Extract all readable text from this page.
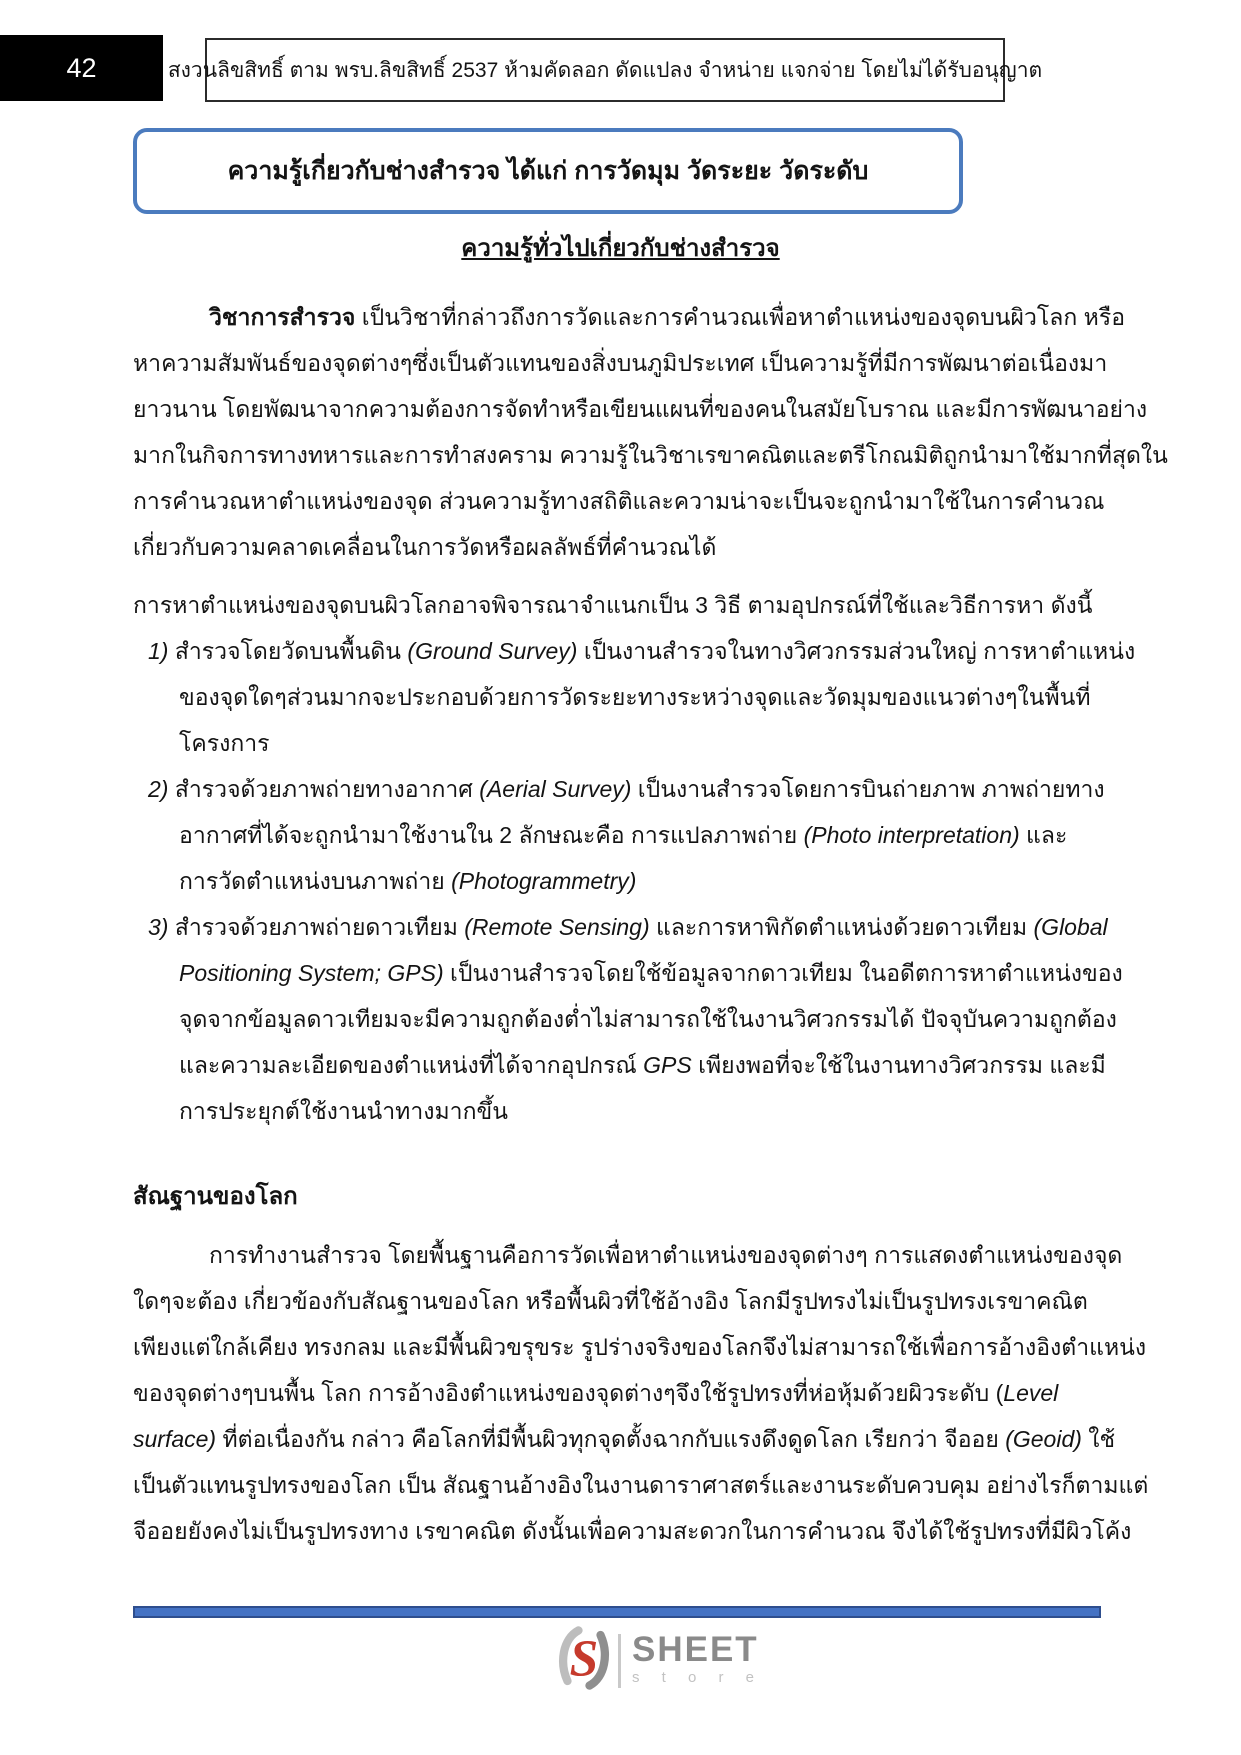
42	สงวนลิขสิทธิ์ ตาม พรบ.ลิขสิทธิ์ 2537 ห้ามคัดลอก ดัดแปลง จำหน่าย แจกจ่าย โดยไม่ได้รับอนุญาต
ความรู้เกี่ยวกับช่างสำรวจ ได้แก่ การวัดมุม วัดระยะ วัดระดับ
ความรู้ทั่วไปเกี่ยวกับช่างสำรวจ
วิชาการสำรวจ เป็นวิชาที่กล่าวถึงการวัดและการคำนวณเพื่อหาตำแหน่งของจุดบนผิวโลก หรือ
หาความสัมพันธ์ของจุดต่างๆซึ่งเป็นตัวแทนของสิ่งบนภูมิประเทศ เป็นความรู้ที่มีการพัฒนาต่อเนื่องมา
ยาวนาน โดยพัฒนาจากความต้องการจัดทำหรือเขียนแผนที่ของคนในสมัยโบราณ และมีการพัฒนาอย่าง
มากในกิจการทางทหารและการทำสงคราม ความรู้ในวิชาเรขาคณิตและตรีโกณมิติถูกนำมาใช้มากที่สุดใน
การคำนวณหาตำแหน่งของจุด ส่วนความรู้ทางสถิติและความน่าจะเป็นจะถูกนำมาใช้ในการคำนวณ
เกี่ยวกับความคลาดเคลื่อนในการวัดหรือผลลัพธ์ที่คำนวณได้
การหาตำแหน่งของจุดบนผิวโลกอาจพิจารณาจำแนกเป็น 3 วิธี ตามอุปกรณ์ที่ใช้และวิธีการหา ดังนี้
1) สำรวจโดยวัดบนพื้นดิน (Ground Survey) เป็นงานสำรวจในทางวิศวกรรมส่วนใหญ่ การหาตำแหน่ง
ของจุดใดๆส่วนมากจะประกอบด้วยการวัดระยะทางระหว่างจุดและวัดมุมของแนวต่างๆในพื้นที่
โครงการ
2) สำรวจด้วยภาพถ่ายทางอากาศ (Aerial Survey) เป็นงานสำรวจโดยการบินถ่ายภาพ ภาพถ่ายทาง
อากาศที่ได้จะถูกนำมาใช้งานใน 2 ลักษณะคือ การแปลภาพถ่าย (Photo interpretation) และ
การวัดตำแหน่งบนภาพถ่าย (Photogrammetry)
3) สำรวจด้วยภาพถ่ายดาวเทียม (Remote Sensing) และการหาพิกัดตำแหน่งด้วยดาวเทียม (Global
Positioning System; GPS) เป็นงานสำรวจโดยใช้ข้อมูลจากดาวเทียม ในอดีตการหาตำแหน่งของ
จุดจากข้อมูลดาวเทียมจะมีความถูกต้องต่ำไม่สามารถใช้ในงานวิศวกรรมได้ ปัจจุบันความถูกต้อง
และความละเอียดของตำแหน่งที่ได้จากอุปกรณ์ GPS เพียงพอที่จะใช้ในงานทางวิศวกรรม และมี
การประยุกต์ใช้งานนำทางมากขึ้น
สัณฐานของโลก
การทำงานสำรวจ โดยพื้นฐานคือการวัดเพื่อหาตำแหน่งของจุดต่างๆ การแสดงตำแหน่งของจุด
ใดๆจะต้อง เกี่ยวข้องกับสัณฐานของโลก หรือพื้นผิวที่ใช้อ้างอิง โลกมีรูปทรงไม่เป็นรูปทรงเรขาคณิต
เพียงแต่ใกล้เคียง ทรงกลม และมีพื้นผิวขรุขระ รูปร่างจริงของโลกจึงไม่สามารถใช้เพื่อการอ้างอิงตำแหน่ง
ของจุดต่างๆบนพื้น โลก การอ้างอิงตำแหน่งของจุดต่างๆจึงใช้รูปทรงที่ห่อหุ้มด้วยผิวระดับ (Level
surface) ที่ต่อเนื่องกัน กล่าว คือโลกที่มีพื้นผิวทุกจุดตั้งฉากกับแรงดึงดูดโลก เรียกว่า จีออย (Geoid) ใช้
เป็นตัวแทนรูปทรงของโลก เป็น สัณฐานอ้างอิงในงานดาราศาสตร์และงานระดับควบคุม อย่างไรก็ตามแต่
จีออยยังคงไม่เป็นรูปทรงทาง เรขาคณิต ดังนั้นเพื่อความสะดวกในการคำนวณ จึงได้ใช้รูปทรงที่มีผิวโค้ง
S SHEET
s t o r e
